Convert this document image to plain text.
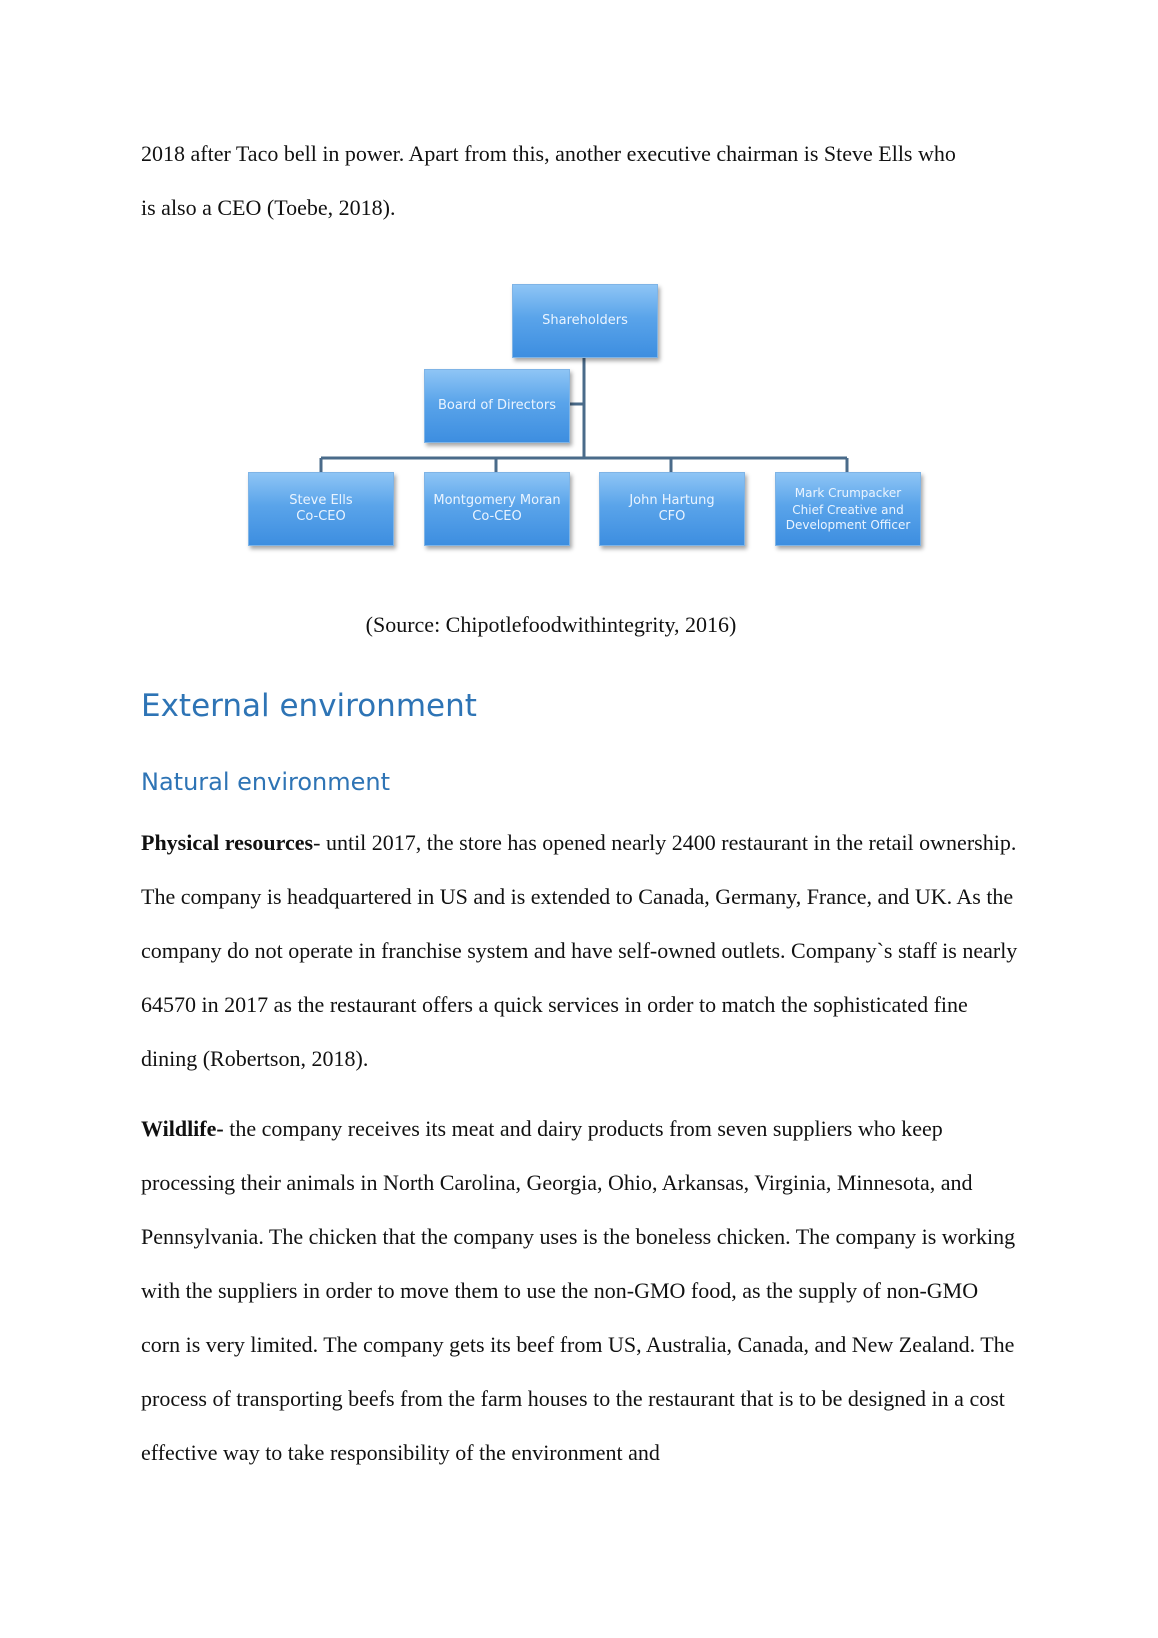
2018 after Taco bell in power. Apart from this, another executive chairman is Steve Ells who
is also a CEO (Toebe, 2018).

Shareholders
Board of Directors
Steve Ells
Co-CEO
Montgomery Moran
Co-CEO
John Hartung
CFO
Mark Crumpacker
Chief Creative and Development Officer

(Source: Chipotlefoodwithintegrity, 2016)

External environment
Natural environment

Physical resources- until 2017, the store has opened nearly 2400 restaurant in the retail ownership. The company is headquartered in US and is extended to Canada, Germany, France, and UK. As the company do not operate in franchise system and have self-owned outlets. Company`s staff is nearly 64570 in 2017 as the restaurant offers a quick services in order to match the sophisticated fine dining (Robertson, 2018).

Wildlife- the company receives its meat and dairy products from seven suppliers who keep processing their animals in North Carolina, Georgia, Ohio, Arkansas, Virginia, Minnesota, and Pennsylvania. The chicken that the company uses is the boneless chicken. The company is working with the suppliers in order to move them to use the non-GMO food, as the supply of non-GMO corn is very limited. The company gets its beef from US, Australia, Canada, and New Zealand. The process of transporting beefs from the farm houses to the restaurant that is to be designed in a cost effective way to take responsibility of the environment and
